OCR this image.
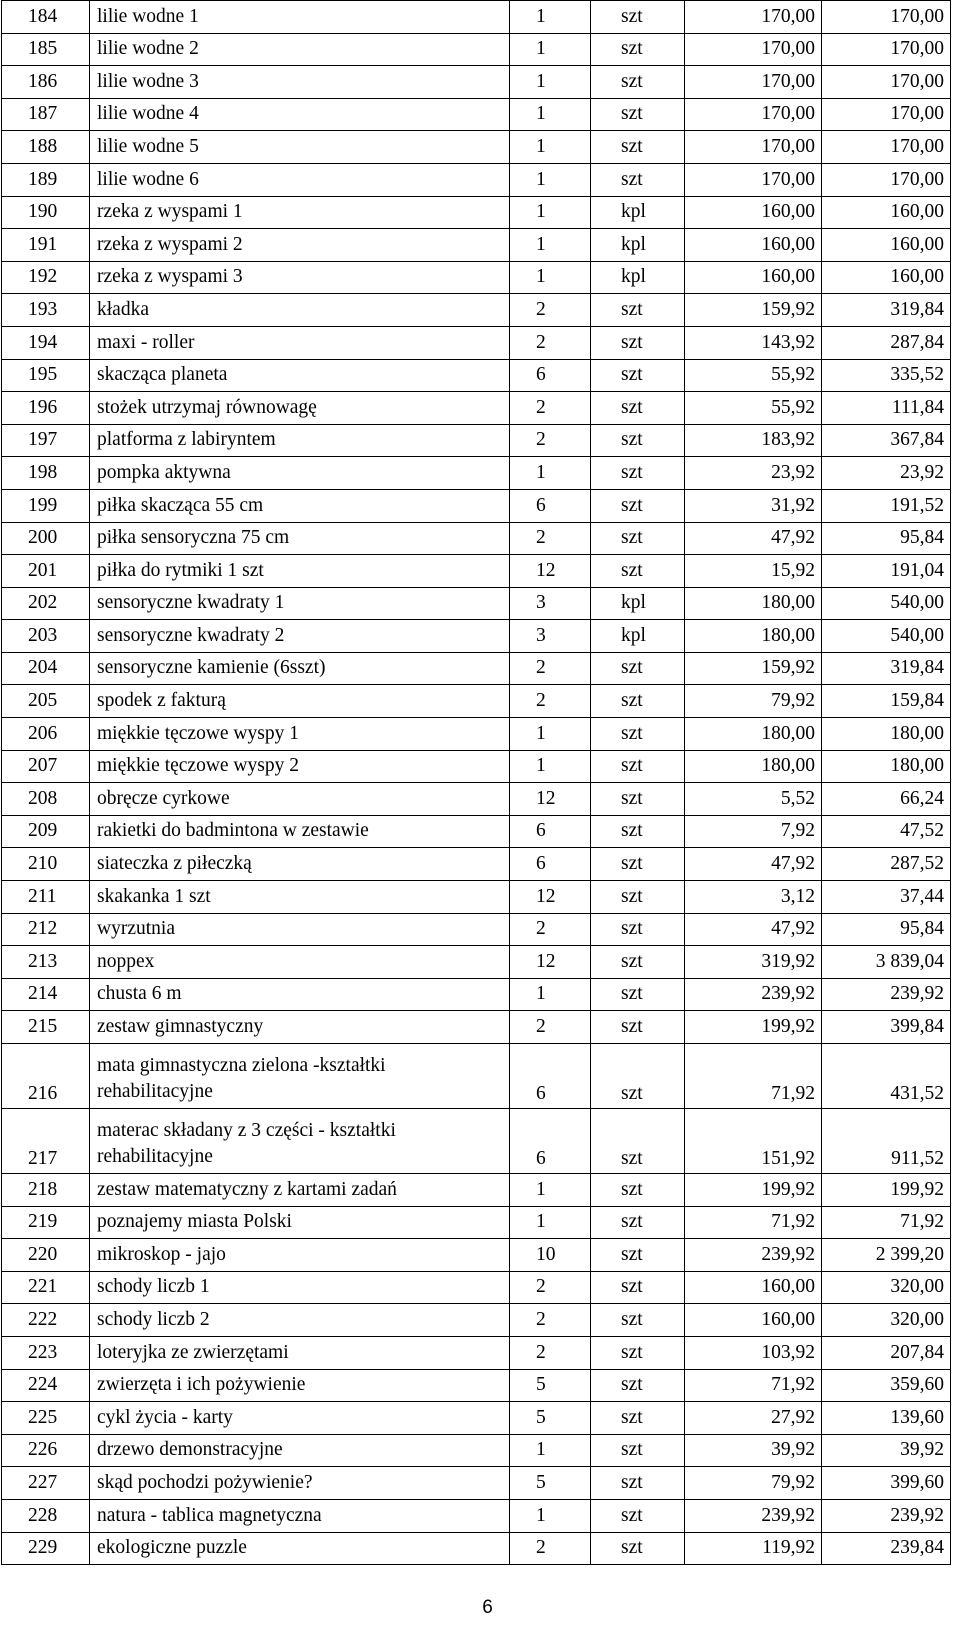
184	lilie wodne 1	1	szt	170,00	170,00
185	lilie wodne 2	1	szt	170,00	170,00
186	lilie wodne 3	1	szt	170,00	170,00
187	lilie wodne 4	1	szt	170,00	170,00
188	lilie wodne 5	1	szt	170,00	170,00
189	lilie wodne 6	1	szt	170,00	170,00
190	rzeka z wyspami 1	1	kpl	160,00	160,00
191	rzeka z wyspami 2	1	kpl	160,00	160,00
192	rzeka z wyspami 3	1	kpl	160,00	160,00
193	kładka	2	szt	159,92	319,84
194	maxi - roller	2	szt	143,92	287,84
195	skacząca planeta	6	szt	55,92	335,52
196	stożek utrzymaj równowagę	2	szt	55,92	111,84
197	platforma z labiryntem	2	szt	183,92	367,84
198	pompka aktywna	1	szt	23,92	23,92
199	piłka skacząca 55 cm	6	szt	31,92	191,52
200	piłka sensoryczna 75 cm	2	szt	47,92	95,84
201	piłka do rytmiki 1 szt	12	szt	15,92	191,04
202	sensoryczne kwadraty 1	3	kpl	180,00	540,00
203	sensoryczne kwadraty 2	3	kpl	180,00	540,00
204	sensoryczne kamienie (6sszt)	2	szt	159,92	319,84
205	spodek z fakturą	2	szt	79,92	159,84
206	miękkie tęczowe wyspy 1	1	szt	180,00	180,00
207	miękkie tęczowe wyspy 2	1	szt	180,00	180,00
208	obręcze cyrkowe	12	szt	5,52	66,24
209	rakietki do badmintona w zestawie	6	szt	7,92	47,52
210	siateczka z piłeczką	6	szt	47,92	287,52
211	skakanka 1 szt	12	szt	3,12	37,44
212	wyrzutnia	2	szt	47,92	95,84
213	noppex	12	szt	319,92	3 839,04
214	chusta 6 m	1	szt	239,92	239,92
215	zestaw gimnastyczny	2	szt	199,92	399,84
216	mata gimnastyczna zielona -kształtki rehabilitacyjne	6	szt	71,92	431,52
217	materac składany z 3 części - kształtki rehabilitacyjne	6	szt	151,92	911,52
218	zestaw matematyczny z kartami zadań	1	szt	199,92	199,92
219	poznajemy miasta Polski	1	szt	71,92	71,92
220	mikroskop - jajo	10	szt	239,92	2 399,20
221	schody liczb 1	2	szt	160,00	320,00
222	schody liczb 2	2	szt	160,00	320,00
223	loteryjka ze zwierzętami	2	szt	103,92	207,84
224	zwierzęta i ich pożywienie	5	szt	71,92	359,60
225	cykl życia - karty	5	szt	27,92	139,60
226	drzewo demonstracyjne	1	szt	39,92	39,92
227	skąd pochodzi pożywienie?	5	szt	79,92	399,60
228	natura - tablica magnetyczna	1	szt	239,92	239,92
229	ekologiczne puzzle	2	szt	119,92	239,84
6
